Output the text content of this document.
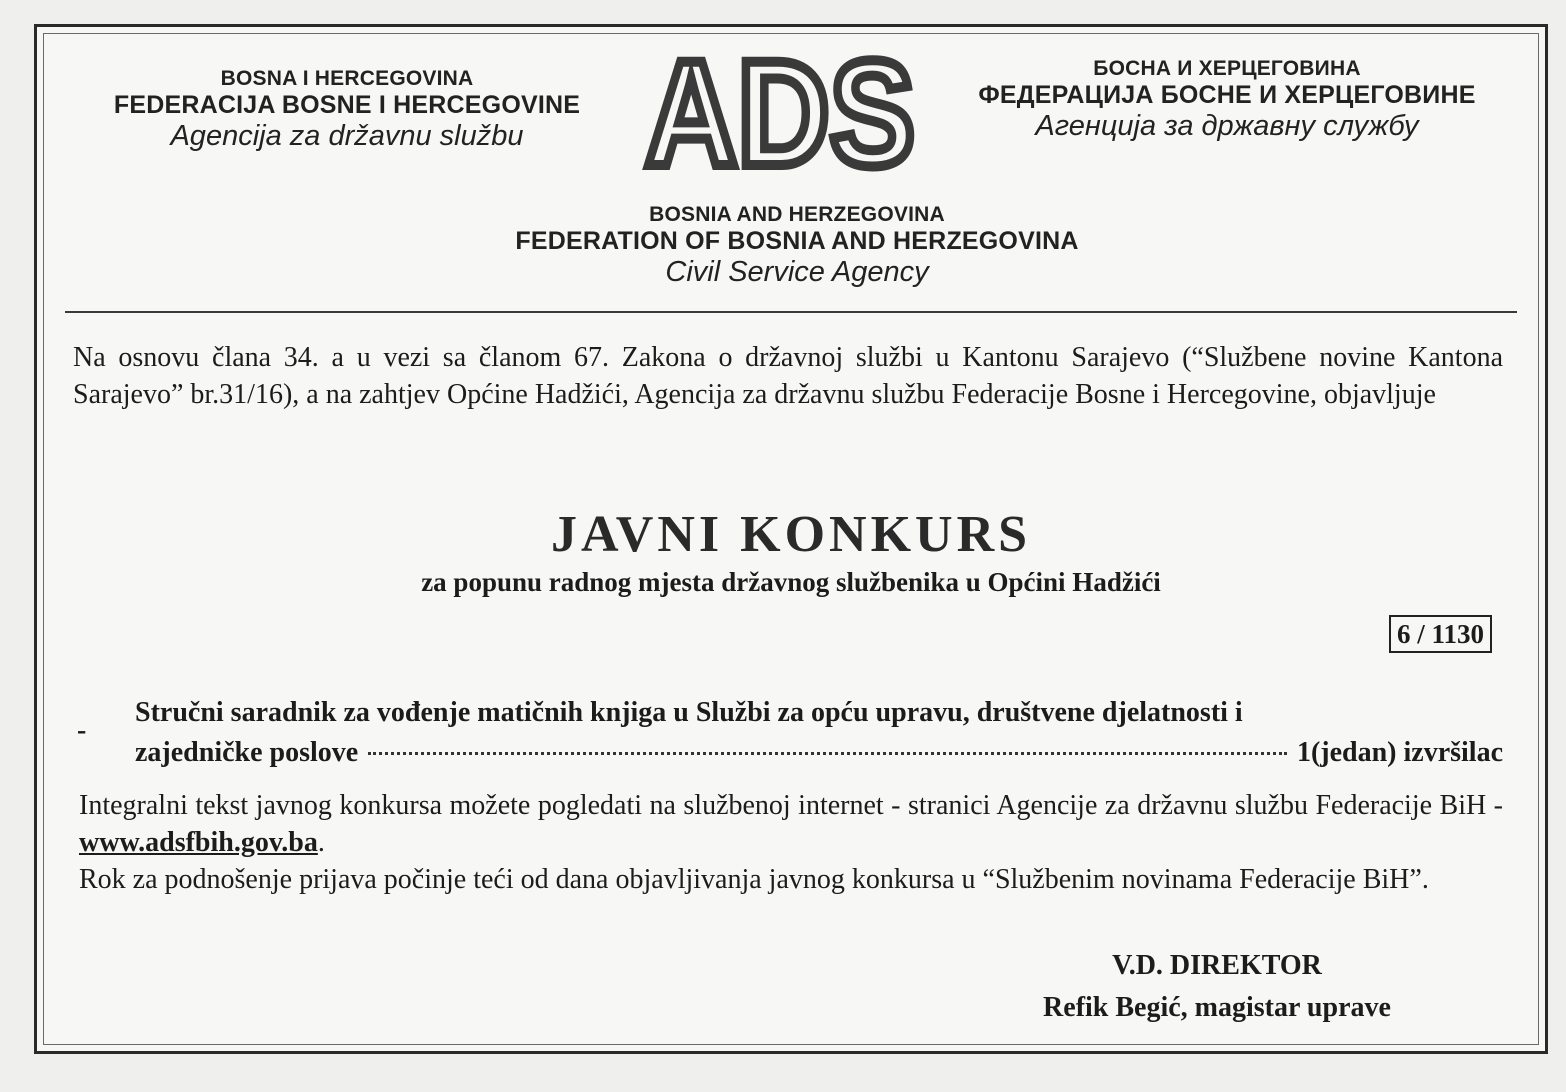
BOSNA I HERCEGOVINA
FEDERACIJA BOSNE I HERCEGOVINE
Agencija za državnu službu ADS	БОСНА И ХЕРЦЕГОВИНА
ФЕДЕРАЦИЈА БОСНЕ И ХЕРЦЕГОВИНЕ
Агенција за државну службу
BOSNIA AND HERZEGOVINA
FEDERATION OF BOSNIA AND HERZEGOVINA
Civil Service Agency
Na osnovu člana 34. a u vezi sa članom 67. Zakona o državnoj službi u Kantonu Sarajevo (“Službene novine Kantona Sarajevo” br.31/16), a na zahtjev Općine Hadžići, Agencija za državnu službu Federacije Bosne i Hercegovine, objavljuje
JAVNI KONKURS
za popunu radnog mjesta državnog službenika u Općini Hadžići
6 / 1130
-
Stručni saradnik za vođenje matičnih knjiga u Službi za opću upravu, društvene djelatnosti i
zajedničke poslove	1(jedan) izvršilac
Integralni tekst javnog konkursa možete pogledati na službenoj internet - stranici Agencije za državnu službu Federacije BiH - www.adsfbih.gov.ba.
Rok za podnošenje prijava počinje teći od dana objavljivanja javnog konkursa u “Službenim novinama Federacije BiH”.
V.D. DIREKTOR
Refik Begić, magistar uprave
